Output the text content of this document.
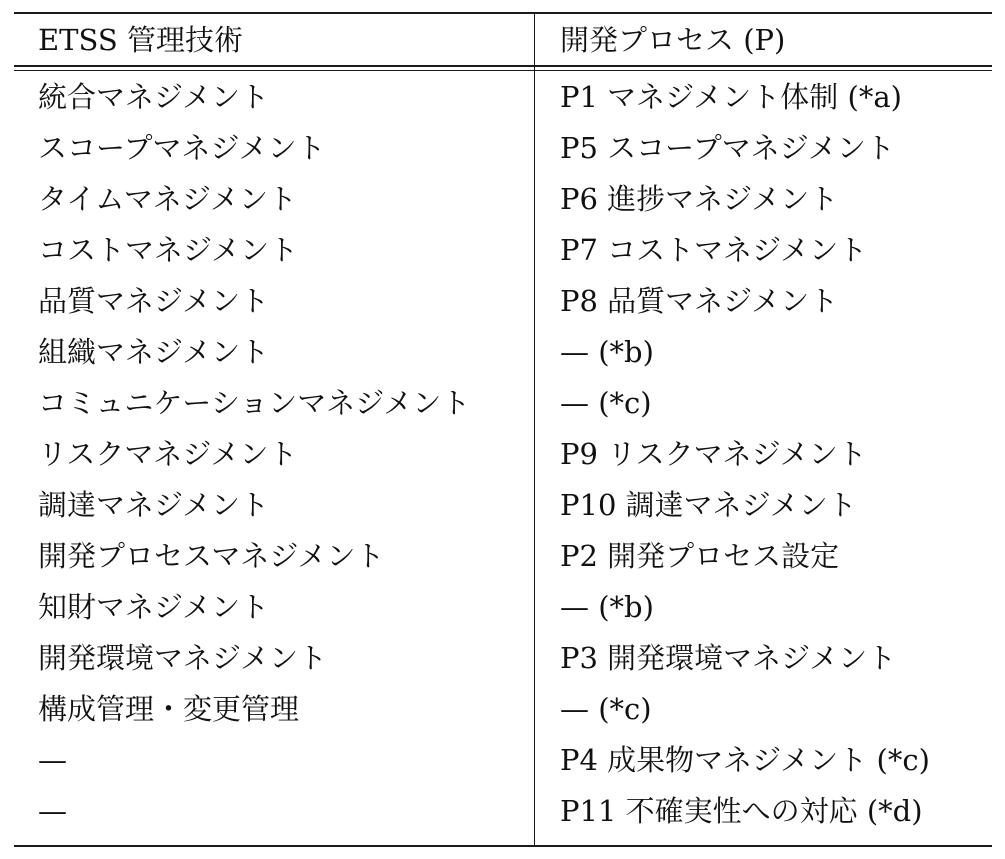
ETSS 管理技術	開発プロセス (P)
統合マネジメント	P1 マネジメント体制 (*a)
スコープマネジメント	P5 スコープマネジメント
タイムマネジメント	P6 進捗マネジメント
コストマネジメント	P7 コストマネジメント
品質マネジメント	P8 品質マネジメント
組織マネジメント	— (*b)
コミュニケーションマネジメント	— (*c)
リスクマネジメント	P9 リスクマネジメント
調達マネジメント	P10 調達マネジメント
開発プロセスマネジメント	P2 開発プロセス設定
知財マネジメント	— (*b)
開発環境マネジメント	P3 開発環境マネジメント
構成管理・変更管理	— (*c)
—	P4 成果物マネジメント (*c)
—	P11 不確実性への対応 (*d)
